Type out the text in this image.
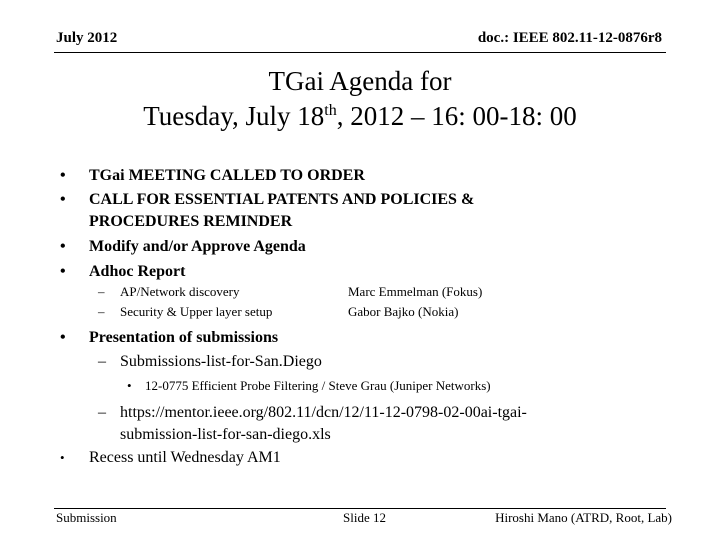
July 2012	doc.: IEEE 802.11-12-0876r8
TGai Agenda for
Tuesday, July 18th, 2012 – 16: 00-18: 00
• TGai MEETING CALLED TO ORDER
• CALL FOR ESSENTIAL PATENTS AND POLICIES &
PROCEDURES REMINDER
• Modify and/or Approve Agenda
• Adhoc Report
– AP/Network discovery	Marc Emmelman (Fokus)
– Security & Upper layer setup	Gabor Bajko (Nokia)
• Presentation of submissions
– Submissions-list-for-San.Diego
• 12-0775 Efficient Probe Filtering / Steve Grau (Juniper Networks)
– https://mentor.ieee.org/802.11/dcn/12/11-12-0798-02-00ai-tgai-
submission-list-for-san-diego.xls
• Recess until Wednesday AM1
Submission	Slide 12	Hiroshi Mano (ATRD, Root, Lab)
